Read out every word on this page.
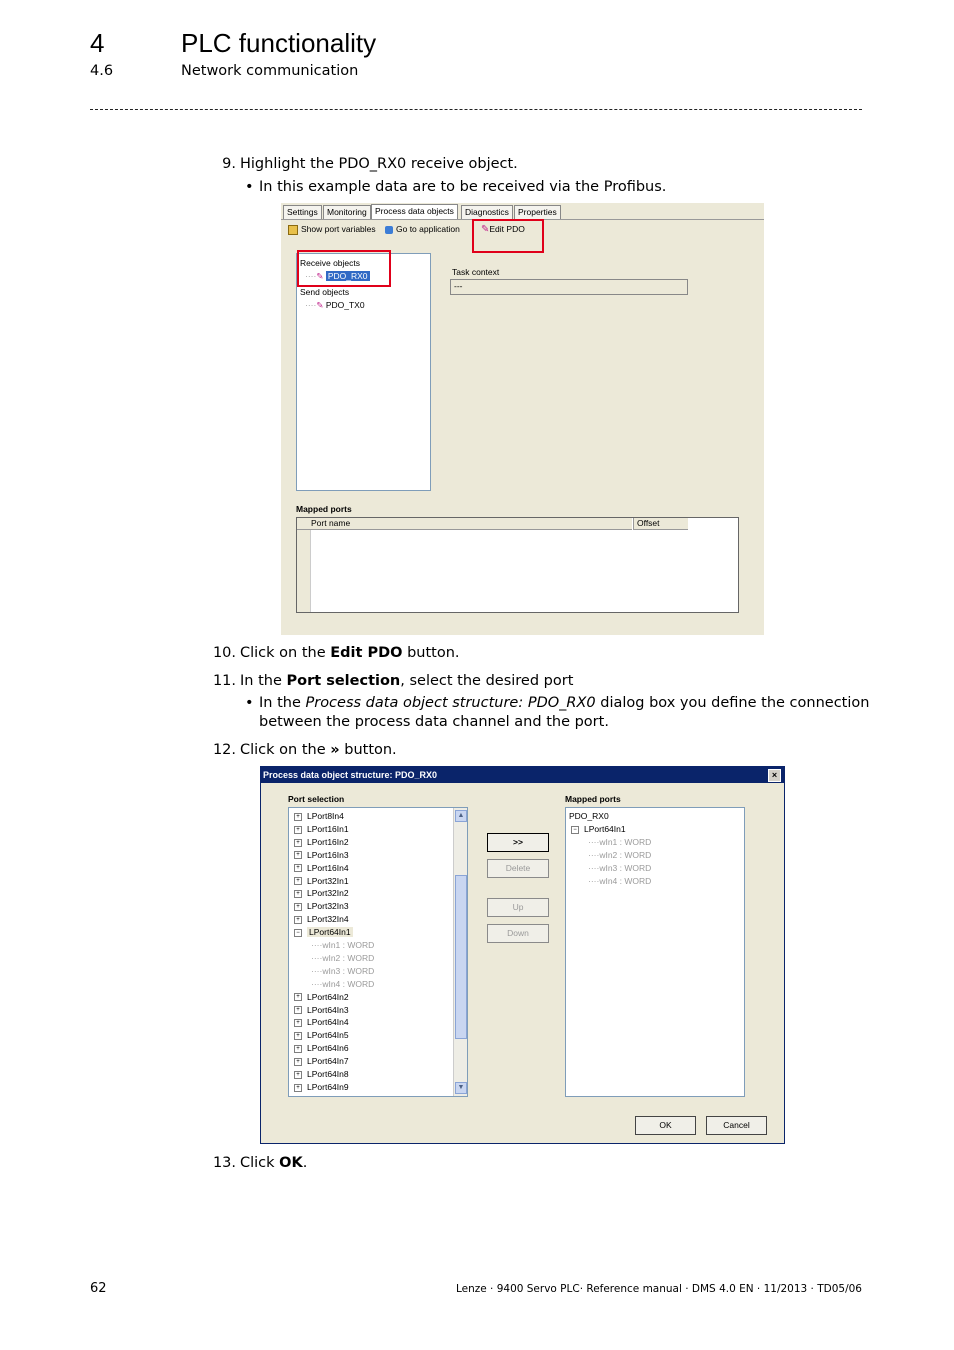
4	PLC functionality
4.6	Network communication
9. Highlight the PDO_RX0 receive object.
• In this example data are to be received via the Profibus.
Settings	Monitoring Process data objects	Diagnostics	Properties
Show port variables	Go to application ✎Edit PDO
Receive objects
····✎ PDO_RX0
Send objects
····✎ PDO_TX0
Task context
---
Mapped ports
Port name	Offset
10. Click on the Edit PDO button.
11. In the Port selection, select the desired port
• In the Process data object structure: PDO_RX0 dialog box you define the connection
between the process data channel and the port.
12. Click on the » button.
Process data object structure: PDO_RX0	×
Port selection	Mapped ports
+ LPort8In4
+ LPort16In1
+ LPort16In2
+ LPort16In3
+ LPort16In4
+ LPort32In1
+ LPort32In2
+ LPort32In3
+ LPort32In4
− LPort64In1
····wIn1 : WORD
····wIn2 : WORD
····wIn3 : WORD
····wIn4 : WORD
+ LPort64In2
+ LPort64In3
+ LPort64In4
+ LPort64In5
+ LPort64In6
+ LPort64In7
+ LPort64In8
+ LPort64In9
▲
▼
>>
Delete
Up
Down
PDO_RX0
− LPort64In1
····wIn1 : WORD
····wIn2 : WORD
····wIn3 : WORD
····wIn4 : WORD
OK	Cancel
13. Click OK.
62	Lenze · 9400 Servo PLC· Reference manual · DMS 4.0 EN · 11/2013 · TD05/06
